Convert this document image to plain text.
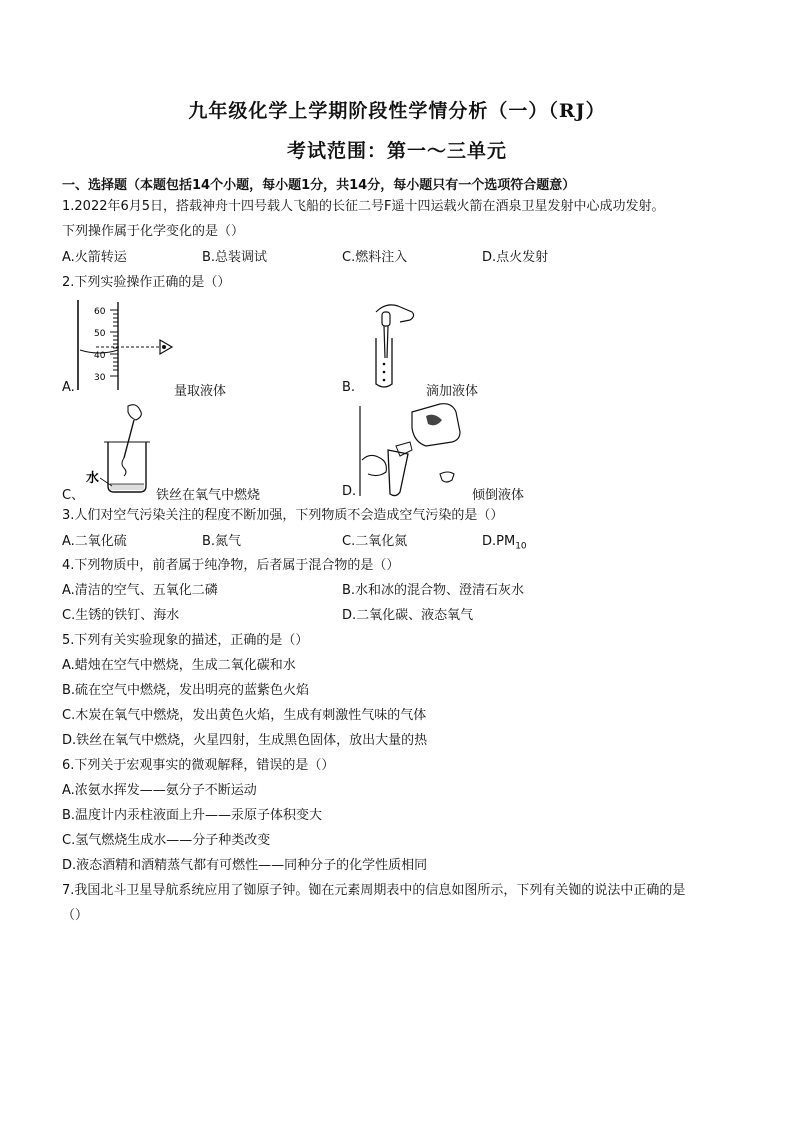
九年级化学上学期阶段性学情分析（一）（RJ）
考试范围：第一～三单元
一、选择题（本题包括14个小题，每小题1分，共14分，每小题只有一个选项符合题意）
1.2022年6月5日，搭载神舟十四号载人飞船的长征二号F遥十四运载火箭在酒泉卫星发射中心成功发射。
下列操作属于化学变化的是（）
A.火箭转运	B.总装调试	C.燃料注入	D.点火发射
2.下列实验操作正确的是（）
60
50
40
30
A.	量取液体	B.	滴加液体
水
C、	铁丝在氧气中燃烧	D.	倾倒液体
3.人们对空气污染关注的程度不断加强，下列物质不会造成空气污染的是（）
A.二氧化硫	B.氮气	C.二氧化氮	$D.PM_{10}$
4.下列物质中，前者属于纯净物，后者属于混合物的是（）
A.清洁的空气、五氧化二磷	B.水和冰的混合物、澄清石灰水
C.生锈的铁钉、海水	D.二氧化碳、液态氧气
5.下列有关实验现象的描述，正确的是（）
A.蜡烛在空气中燃烧，生成二氧化碳和水
B.硫在空气中燃烧，发出明亮的蓝紫色火焰
C.木炭在氧气中燃烧，发出黄色火焰，生成有刺激性气味的气体
D.铁丝在氧气中燃烧，火星四射，生成黑色固体，放出大量的热
6.下列关于宏观事实的微观解释，错误的是（）
A.浓氨水挥发——氨分子不断运动
B.温度计内汞柱液面上升——汞原子体积变大
C.氢气燃烧生成水——分子种类改变
D.液态酒精和酒精蒸气都有可燃性——同种分子的化学性质相同
7.我国北斗卫星导航系统应用了铷原子钟。铷在元素周期表中的信息如图所示，下列有关铷的说法中正确的是
（）
